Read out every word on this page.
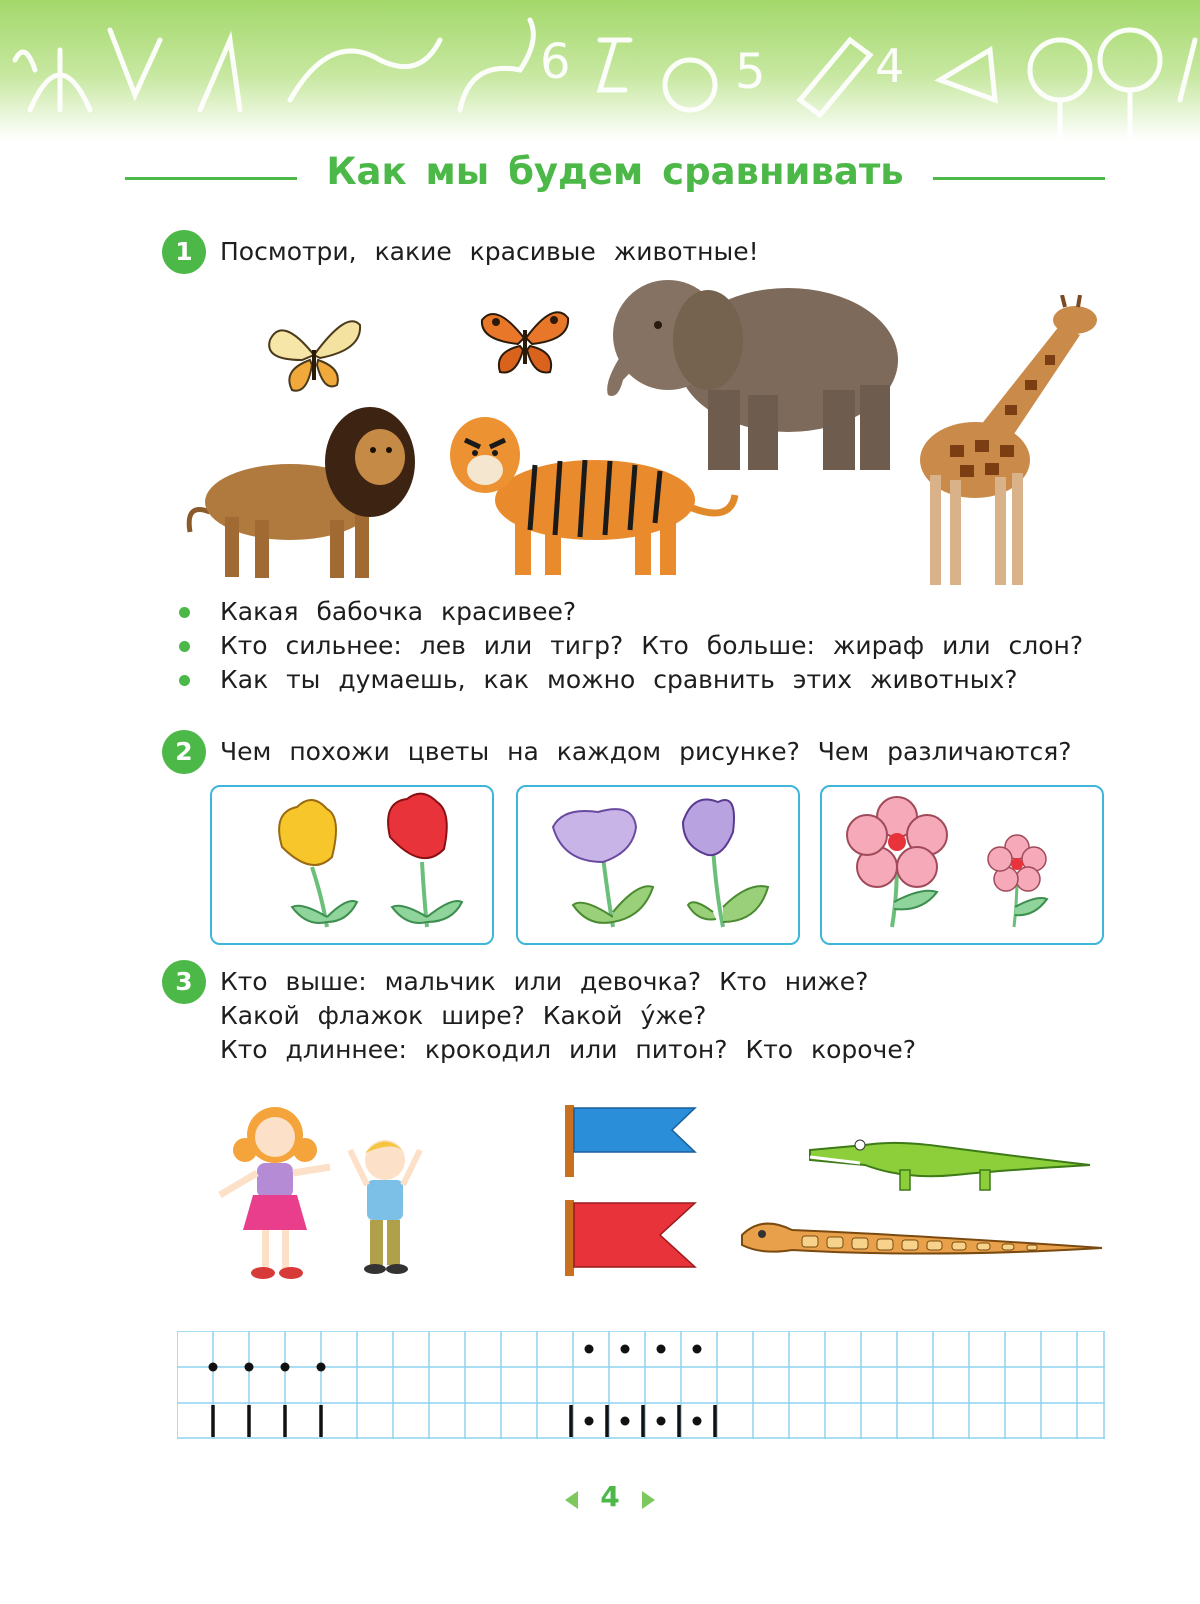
6	5 4
Как мы будем сравнивать
1	Посмотри, какие красивые животные!
Какая бабочка красивее?
Кто сильнее: лев или тигр? Кто больше: жираф или слон?
Как ты думаешь, как можно сравнить этих животных?
2	Чем похожи цветы на каждом рисунке? Чем различаются?
3	Кто выше: мальчик или девочка? Кто ниже?
Какой флажок шире? Какой у́же?
Кто длиннее: крокодил или питон? Кто короче?
4
